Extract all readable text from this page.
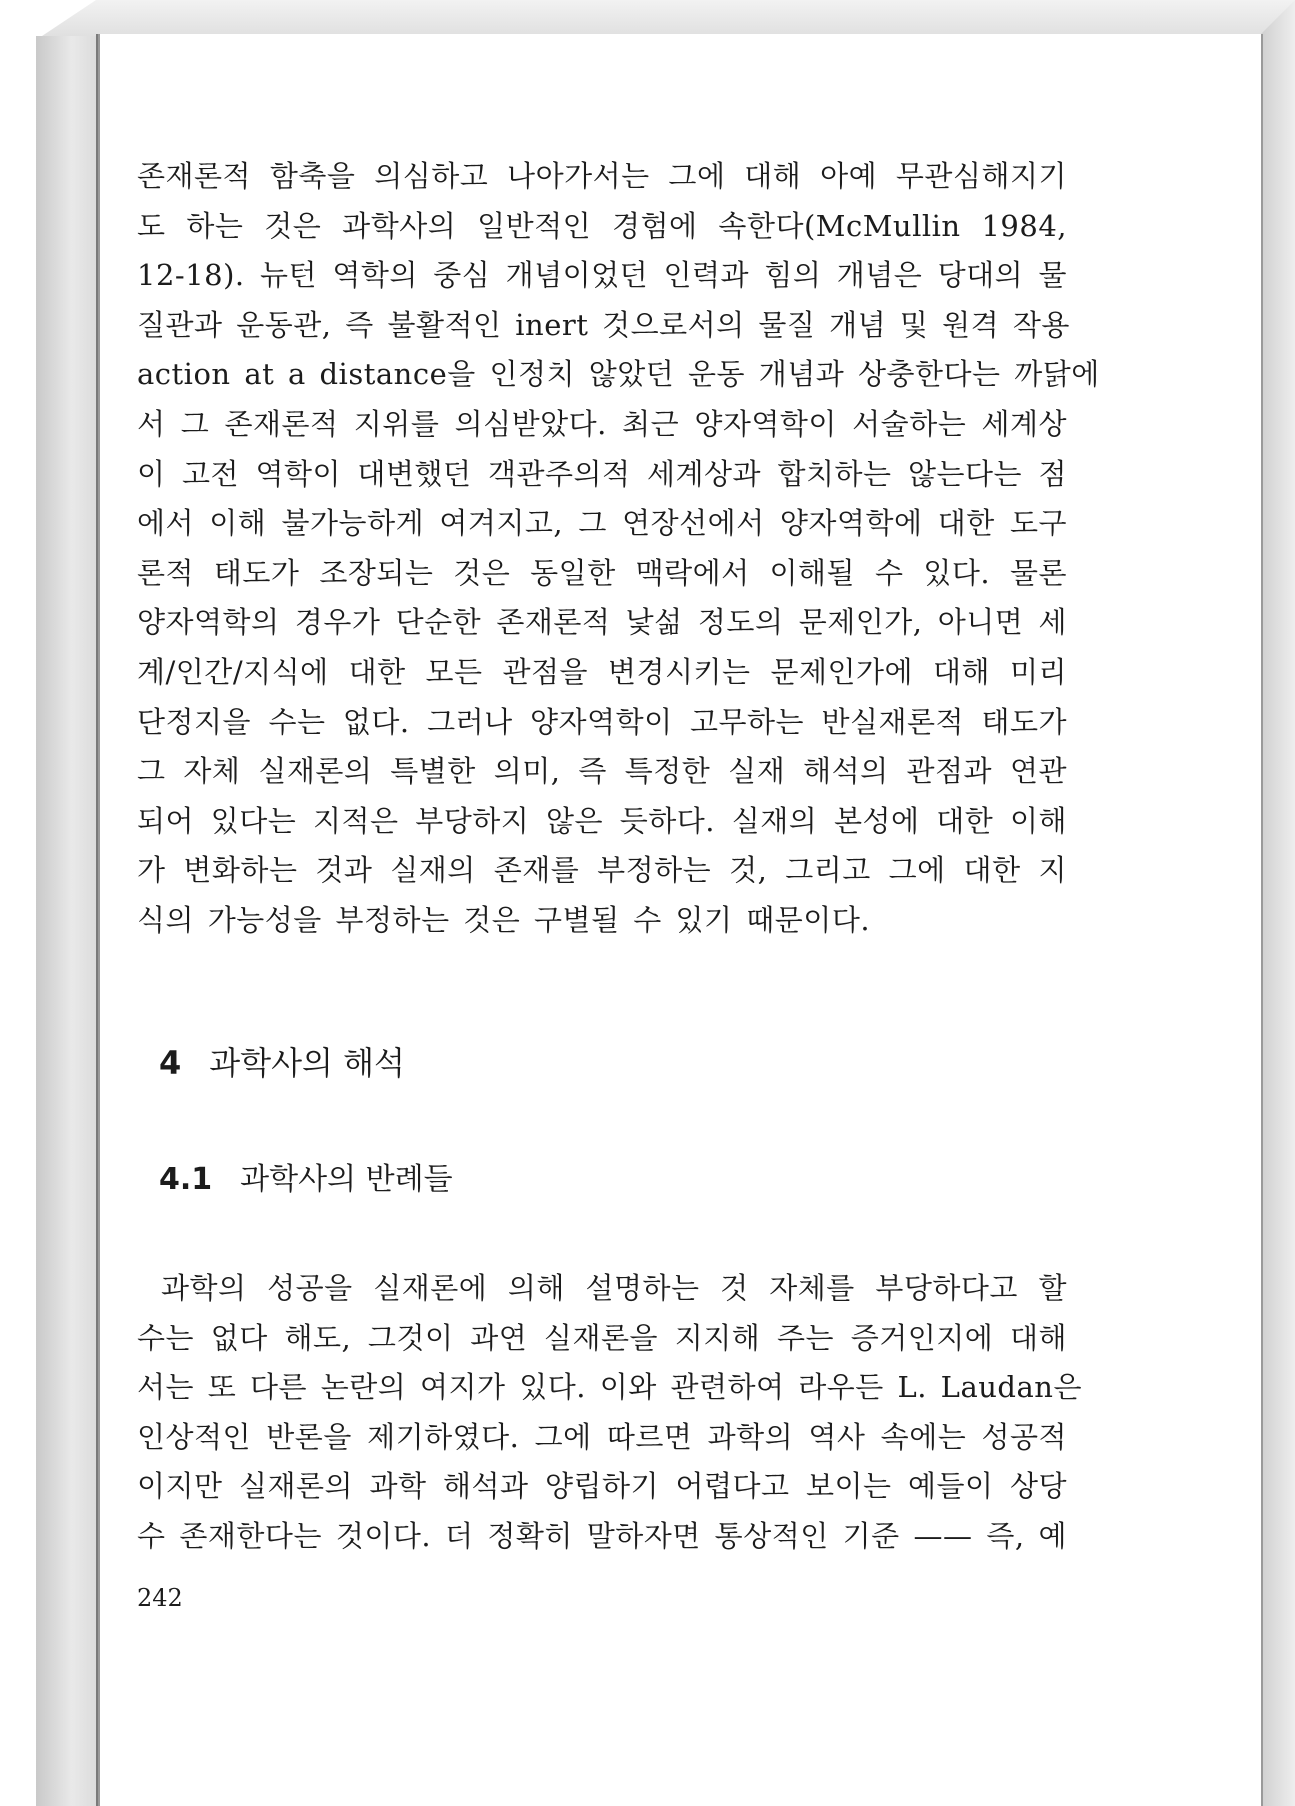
존재론적 함축을 의심하고 나아가서는 그에 대해 아예 무관심해지기
도 하는 것은 과학사의 일반적인 경험에 속한다(McMullin 1984,
12-18). 뉴턴 역학의 중심 개념이었던 인력과 힘의 개념은 당대의 물
질관과 운동관, 즉 불활적인 inert 것으로서의 물질 개념 및 원격 작용
action at a distance을 인정치 않았던 운동 개념과 상충한다는 까닭에
서 그 존재론적 지위를 의심받았다. 최근 양자역학이 서술하는 세계상
이 고전 역학이 대변했던 객관주의적 세계상과 합치하는 않는다는 점
에서 이해 불가능하게 여겨지고, 그 연장선에서 양자역학에 대한 도구
론적 태도가 조장되는 것은 동일한 맥락에서 이해될 수 있다. 물론
양자역학의 경우가 단순한 존재론적 낯섦 정도의 문제인가, 아니면 세
계/인간/지식에 대한 모든 관점을 변경시키는 문제인가에 대해 미리
단정지을 수는 없다. 그러나 양자역학이 고무하는 반실재론적 태도가
그 자체 실재론의 특별한 의미, 즉 특정한 실재 해석의 관점과 연관
되어 있다는 지적은 부당하지 않은 듯하다. 실재의 본성에 대한 이해
가 변화하는 것과 실재의 존재를 부정하는 것, 그리고 그에 대한 지
식의 가능성을 부정하는 것은 구별될 수 있기 때문이다.
4 과학사의 해석
4.1 과학사의 반례들
과학의 성공을 실재론에 의해 설명하는 것 자체를 부당하다고 할
수는 없다 해도, 그것이 과연 실재론을 지지해 주는 증거인지에 대해
서는 또 다른 논란의 여지가 있다. 이와 관련하여 라우든 L. Laudan은
인상적인 반론을 제기하였다. 그에 따르면 과학의 역사 속에는 성공적
이지만 실재론의 과학 해석과 양립하기 어렵다고 보이는 예들이 상당
수 존재한다는 것이다. 더 정확히 말하자면 통상적인 기준 —— 즉, 예
242
